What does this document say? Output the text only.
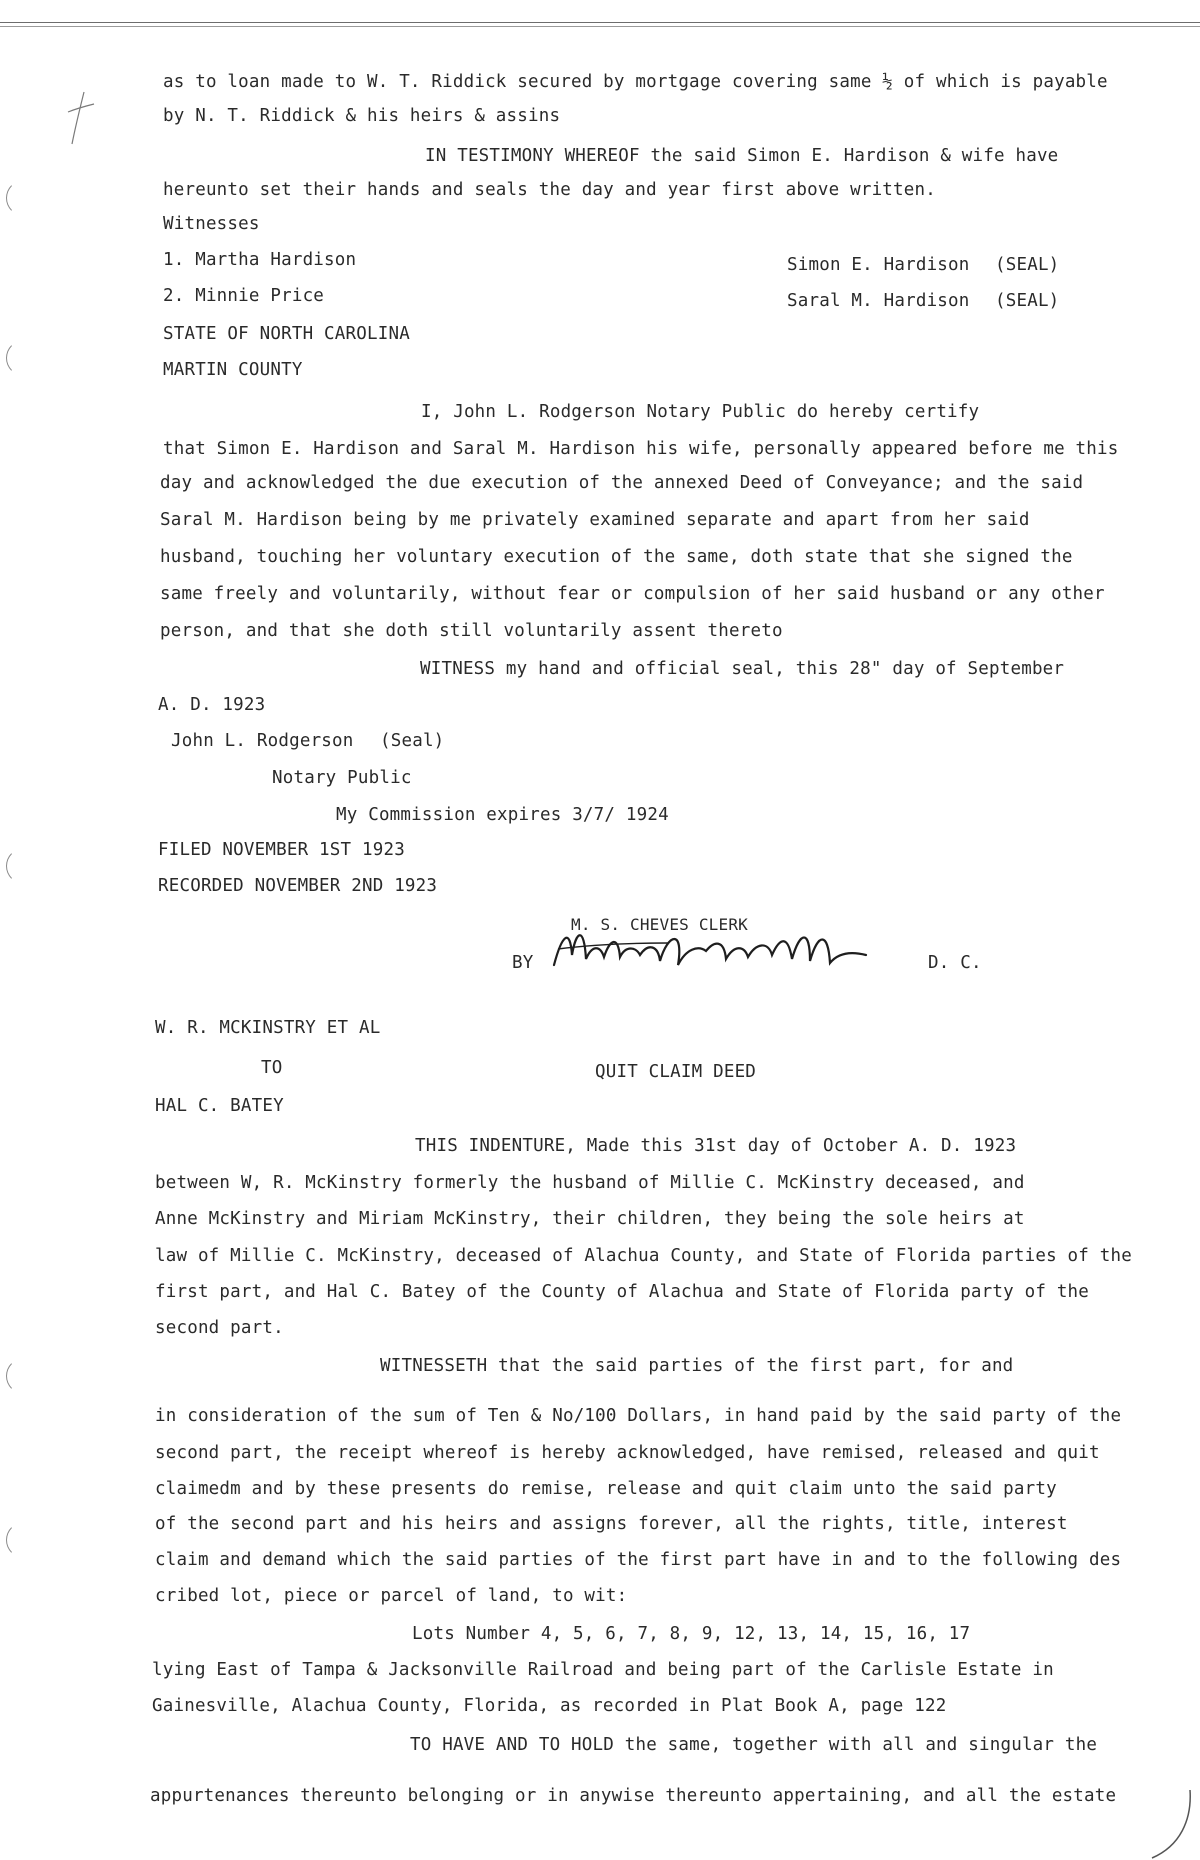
as to loan made to W. T. Riddick secured by mortgage covering same ½ of which is payable
by N. T. Riddick & his heirs & assins
IN TESTIMONY WHEREOF the said Simon E. Hardison & wife have
hereunto set their hands and seals the day and year first above written.
Witnesses
1. Martha Hardison	Simon E. Hardison (SEAL)
2. Minnie Price	Saral M. Hardison (SEAL)
STATE OF NORTH CAROLINA
MARTIN COUNTY
I, John L. Rodgerson Notary Public do hereby certify
that Simon E. Hardison and Saral M. Hardison his wife, personally appeared before me this
day and acknowledged the due execution of the annexed Deed of Conveyance; and the said
Saral M. Hardison being by me privately examined separate and apart from her said
husband, touching her voluntary execution of the same, doth state that she signed the
same freely and voluntarily, without fear or compulsion of her said husband or any other
person, and that she doth still voluntarily assent thereto
WITNESS my hand and official seal, this 28" day of September
A. D. 1923
John L. Rodgerson (Seal)
Notary Public
My Commission expires 3/7/ 1924
FILED NOVEMBER 1ST 1923
RECORDED NOVEMBER 2ND 1923
M. S. CHEVES CLERK
BY	D. C.
W. R. MCKINSTRY ET AL
TO	QUIT CLAIM DEED
HAL C. BATEY
THIS INDENTURE, Made this 31st day of October A. D. 1923
between W, R. McKinstry formerly the husband of Millie C. McKinstry deceased, and
Anne McKinstry and Miriam McKinstry, their children, they being the sole heirs at
law of Millie C. McKinstry, deceased of Alachua County, and State of Florida parties of the
first part, and Hal C. Batey of the County of Alachua and State of Florida party of the
second part.
WITNESSETH that the said parties of the first part, for and
in consideration of the sum of Ten & No/100 Dollars, in hand paid by the said party of the
second part, the receipt whereof is hereby acknowledged, have remised, released and quit
claimedm and by these presents do remise, release and quit claim unto the said party
of the second part and his heirs and assigns forever, all the rights, title, interest
claim and demand which the said parties of the first part have in and to the following des
cribed lot, piece or parcel of land, to wit:
Lots Number 4, 5, 6, 7, 8, 9, 12, 13, 14, 15, 16, 17
lying East of Tampa & Jacksonville Railroad and being part of the Carlisle Estate in
Gainesville, Alachua County, Florida, as recorded in Plat Book A, page 122
TO HAVE AND TO HOLD the same, together with all and singular the
appurtenances thereunto belonging or in anywise thereunto appertaining, and all the estate
